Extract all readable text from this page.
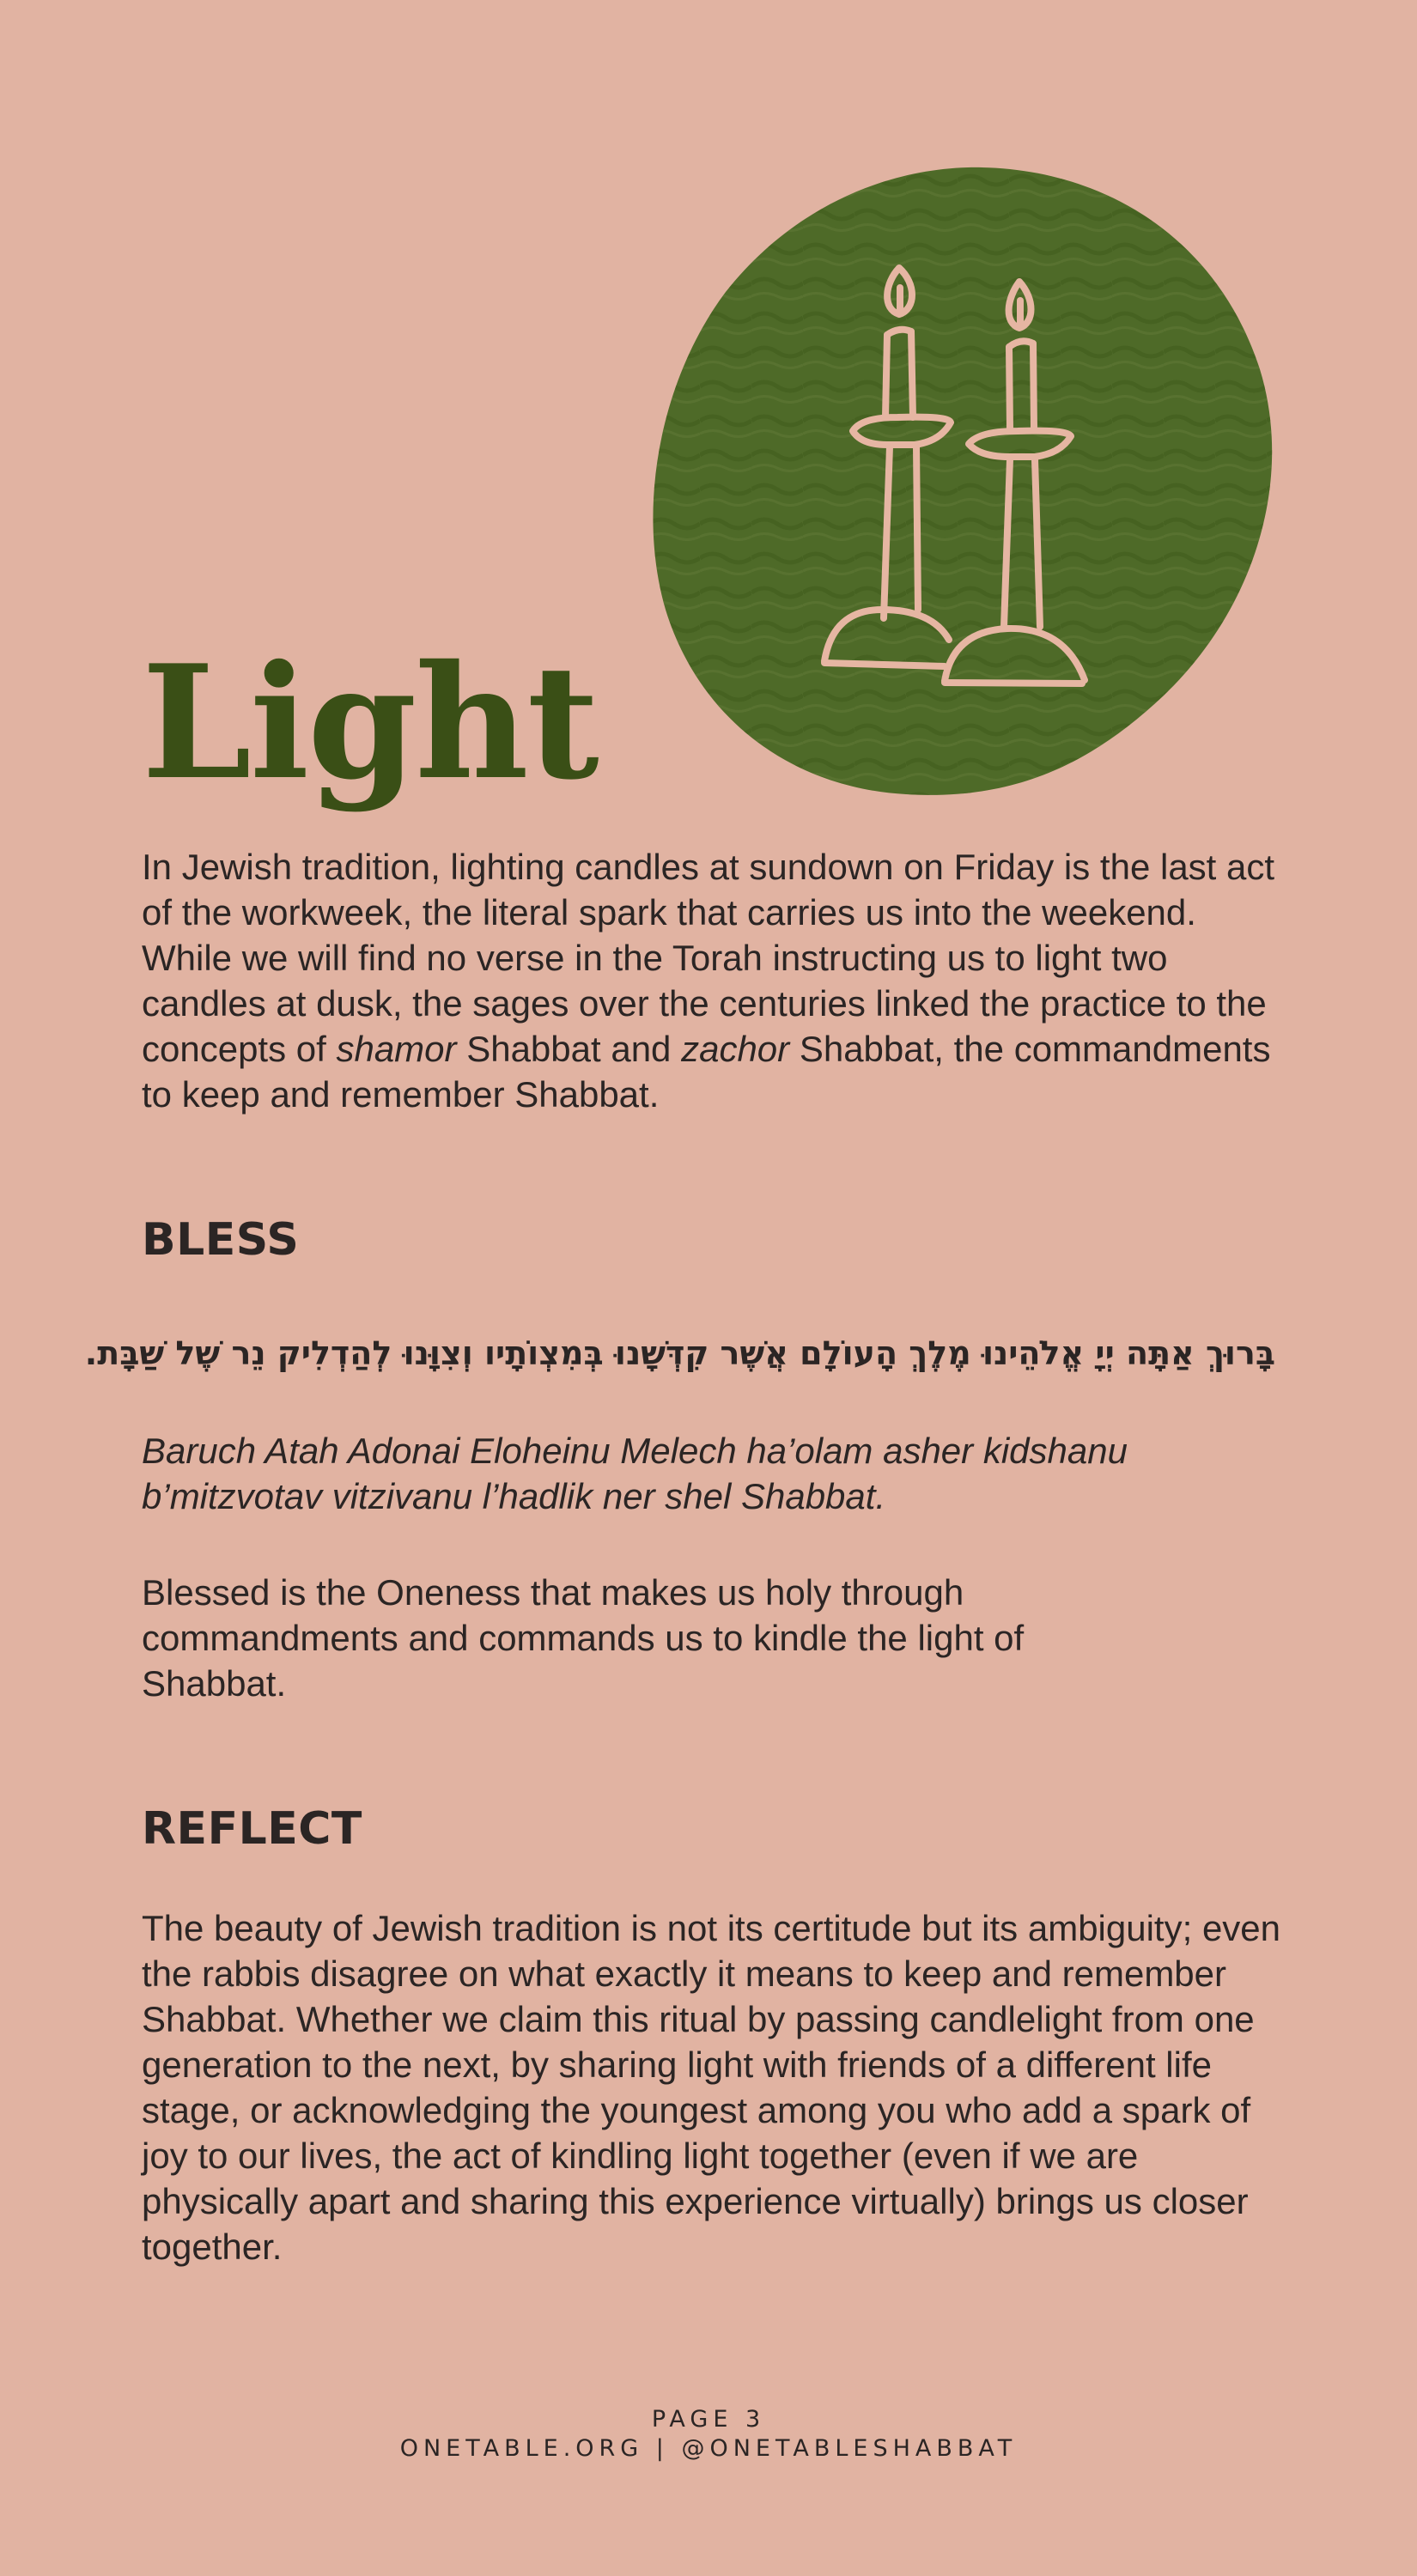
Light

In Jewish tradition, lighting candles at sundown on Friday is the last act of the workweek, the literal spark that carries us into the weekend. While we will find no verse in the Torah instructing us to light two candles at dusk, the sages over the centuries linked the practice to the concepts of shamor Shabbat and zachor Shabbat, the commandments to keep and remember Shabbat.

BLESS
בָּרוּךְ אַתָּה יְיָ אֱלֹהֵינוּ מֶלֶךְ הָעוֹלָם אֲשֶׁר קִדְּשָׁנוּ בְּמִצְוֹתָיו וְצִוָּנוּ לְהַדְלִיק נֵר שֶׁל שַׁבָּת.

Baruch Atah Adonai Eloheinu Melech ha’olam asher kidshanu b’mitzvotav vitzivanu l’hadlik ner shel Shabbat.

Blessed is the Oneness that makes us holy through commandments and commands us to kindle the light of Shabbat.

REFLECT

The beauty of Jewish tradition is not its certitude but its ambiguity; even the rabbis disagree on what exactly it means to keep and remember Shabbat. Whether we claim this ritual by passing candlelight from one generation to the next, by sharing light with friends of a different life stage, or acknowledging the youngest among you who add a spark of joy to our lives, the act of kindling light together (even if we are physically apart and sharing this experience virtually) brings us closer together.

PAGE 3
ONETABLE.ORG | @ONETABLESHABBAT
